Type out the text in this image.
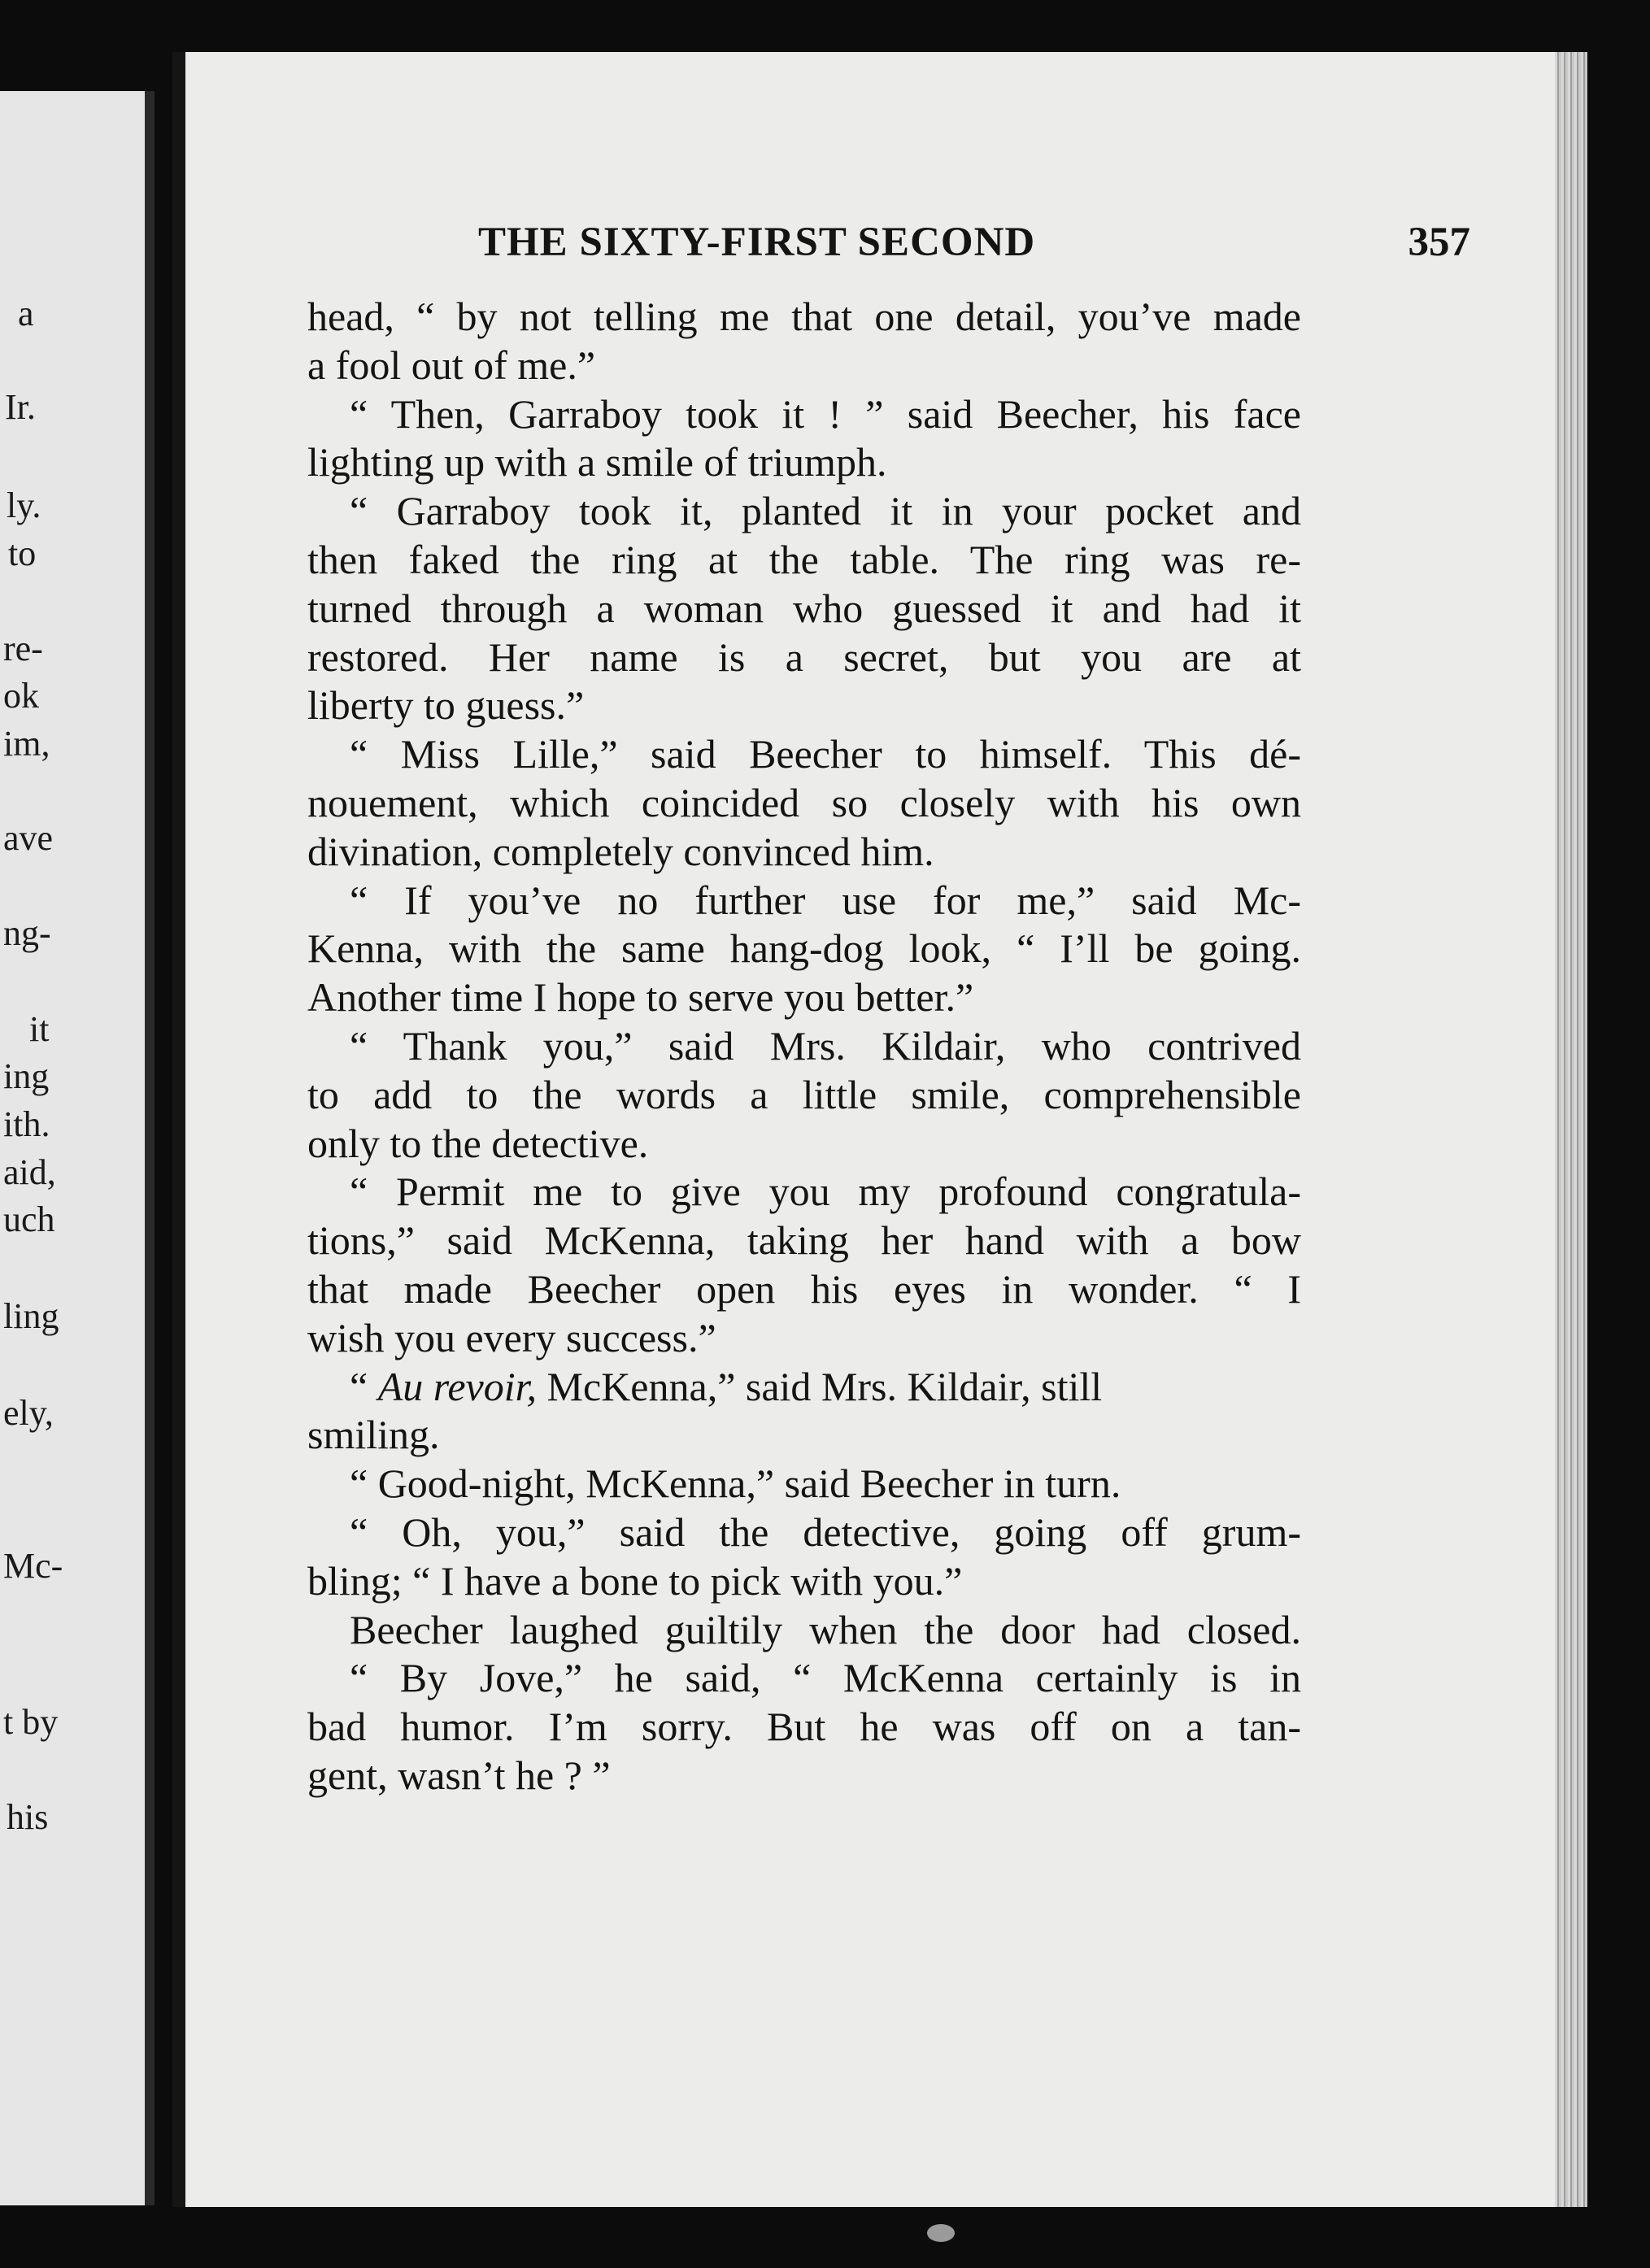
a
Ir.
ly.
to
re-
ok
im,
ave
ng-
it
ing
ith.
aid,
uch
ling
ely,
Mc-
t by
his
THE SIXTY-FIRST SECOND	357
head, “ by not telling me that one detail, you’ve made
a fool out of me.”
“ Then, Garraboy took it ! ” said Beecher, his face
lighting up with a smile of triumph.
“ Garraboy took it, planted it in your pocket and
then faked the ring at the table. The ring was re-
turned through a woman who guessed it and had it
restored. Her name is a secret, but you are at
liberty to guess.”
“ Miss Lille,” said Beecher to himself. This dé-
nouement, which coincided so closely with his own
divination, completely convinced him.
“ If you’ve no further use for me,” said Mc-
Kenna, with the same hang-dog look, “ I’ll be going.
Another time I hope to serve you better.”
“ Thank you,” said Mrs. Kildair, who contrived
to add to the words a little smile, comprehensible
only to the detective.
“ Permit me to give you my profound congratula-
tions,” said McKenna, taking her hand with a bow
that made Beecher open his eyes in wonder. “ I
wish you every success.”
“ Au revoir, McKenna,” said Mrs. Kildair, still
smiling.
“ Good-night, McKenna,” said Beecher in turn.
“ Oh, you,” said the detective, going off grum-
bling; “ I have a bone to pick with you.”
Beecher laughed guiltily when the door had closed.
“ By Jove,” he said, “ McKenna certainly is in
bad humor. I’m sorry. But he was off on a tan-
gent, wasn’t he ? ”
